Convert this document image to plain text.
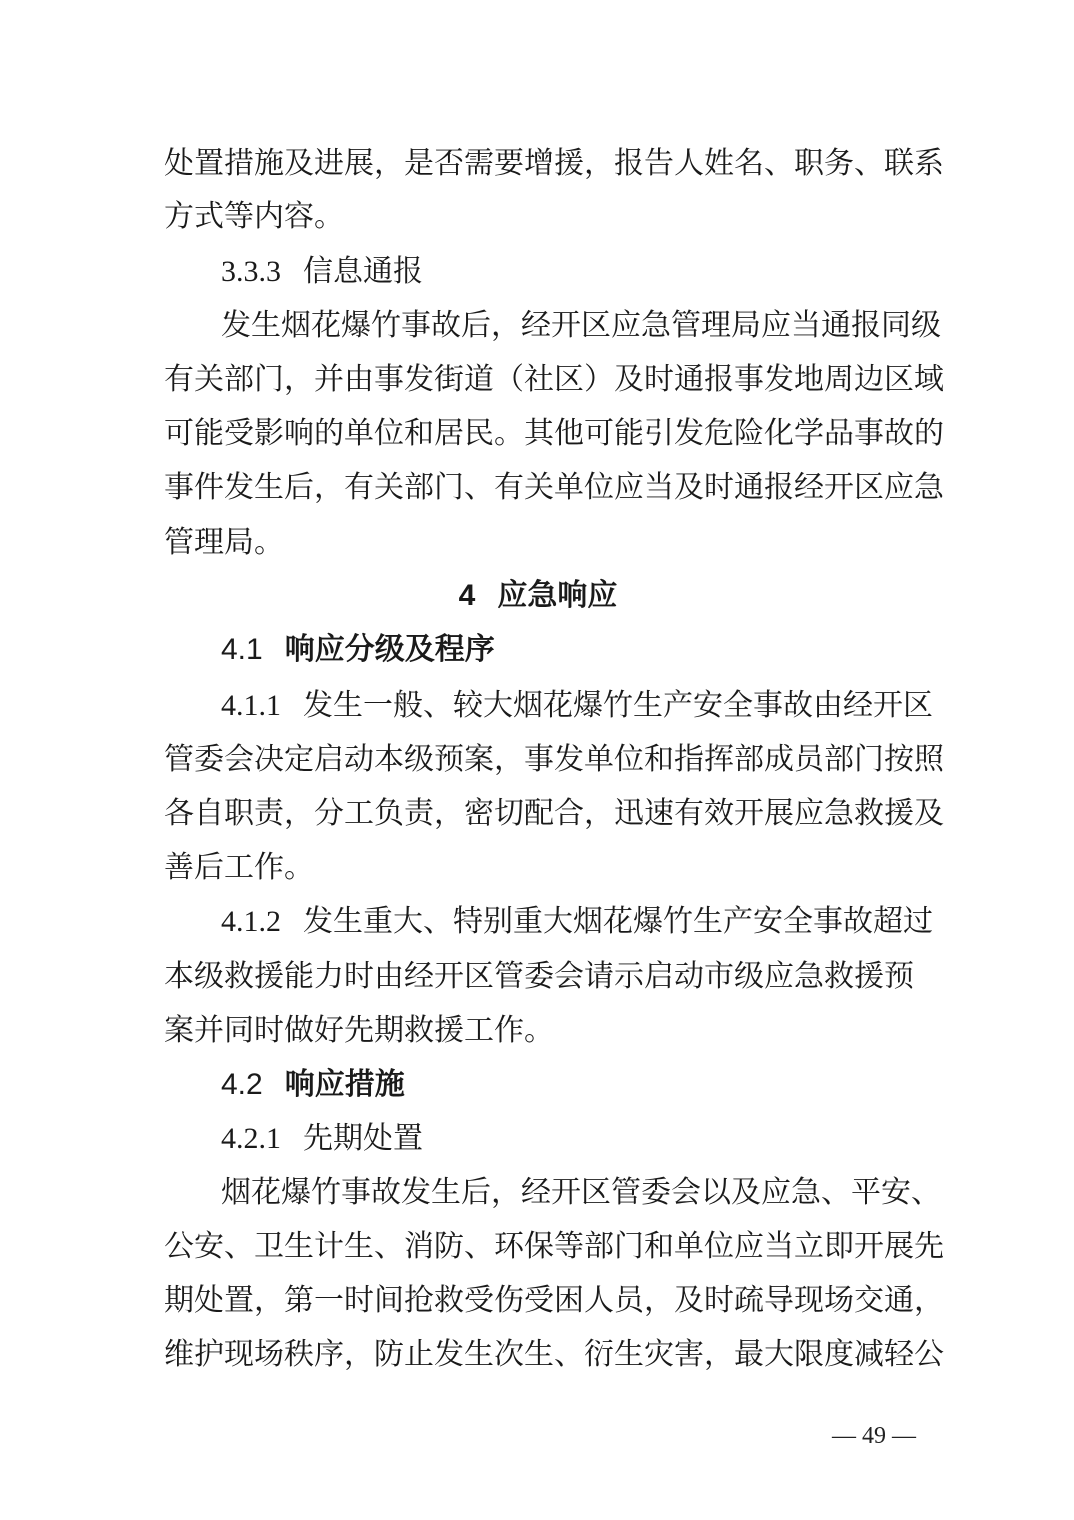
处置措施及进展，是否需要增援，报告人姓名、职务、联系
方式等内容。
3.3.3 信息通报
发生烟花爆竹事故后，经开区应急管理局应当通报同级
有关部门，并由事发街道（社区）及时通报事发地周边区域
可能受影响的单位和居民。其他可能引发危险化学品事故的
事件发生后，有关部门、有关单位应当及时通报经开区应急
管理局。
4 应急响应
4.1 响应分级及程序
4.1.1 发生一般、较大烟花爆竹生产安全事故由经开区
管委会决定启动本级预案，事发单位和指挥部成员部门按照
各自职责，分工负责，密切配合，迅速有效开展应急救援及
善后工作。
4.1.2 发生重大、特别重大烟花爆竹生产安全事故超过
本级救援能力时由经开区管委会请示启动市级应急救援预
案并同时做好先期救援工作。
4.2 响应措施
4.2.1 先期处置
烟花爆竹事故发生后，经开区管委会以及应急、平安、
公安、卫生计生、消防、环保等部门和单位应当立即开展先
期处置，第一时间抢救受伤受困人员，及时疏导现场交通，
维护现场秩序，防止发生次生、衍生灾害，最大限度减轻公
— 49 —
